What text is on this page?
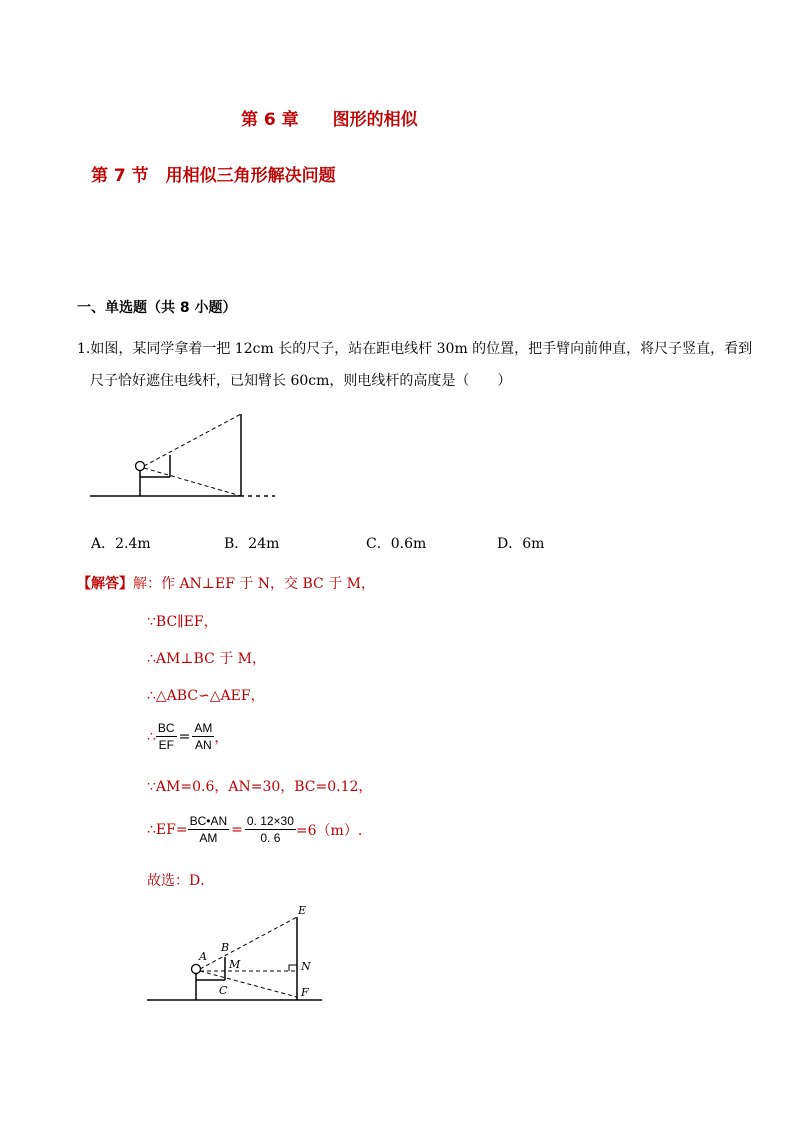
第 6 章　　图形的相似
第 7 节　用相似三角形解决问题
一、单选题（共 8 小题）
1.如图，某同学拿着一把 12cm 长的尺子，站在距电线杆 30m 的位置，把手臂向前伸直，将尺子竖直，看到
尺子恰好遮住电线杆，已知臂长 60cm，则电线杆的高度是（　　）
A．2.4m	B．24m	C．0.6m	D．6m
【解答】解：作 AN⊥EF 于 N，交 BC 于 M，
∵BC∥EF，
∴AM⊥BC 于 M，
∴△ABC∽△AEF，
∴ $\frac{BC}{EF} = \frac{AM}{AN}$ ，
∵AM=0.6，AN=30，BC=0.12，
∴EF= $\frac{BC•AN}{AM} = \frac{0. 12\times 30}{0. 6} =6(m)$.
故选：D．
E
B
A
M	N
C	F
